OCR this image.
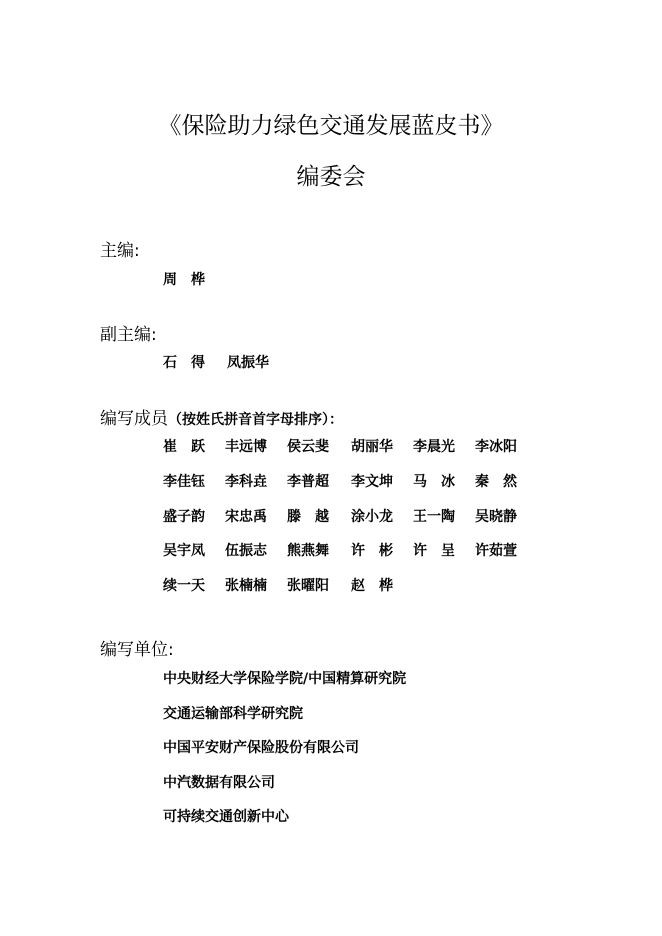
《保险助力绿色交通发展蓝皮书》
编委会
主编:
周　桦
副主编:
石　得 凤振华
编写成员（按姓氏拼音首字母排序）：
崔　跃 丰远博 侯云斐 胡丽华 李晨光 李冰阳
李佳钰 李科垚 李普超 李文坤 马　冰 秦　然
盛子韵 宋忠禹 滕　越 涂小龙 王一陶 吴晓静
吴宇凤 伍振志 熊燕舞 许　彬 许　呈 许茹萱
续一天 张楠楠 张曜阳 赵　桦
编写单位:
中央财经大学保险学院/中国精算研究院
交通运输部科学研究院
中国平安财产保险股份有限公司
中汽数据有限公司
可持续交通创新中心
